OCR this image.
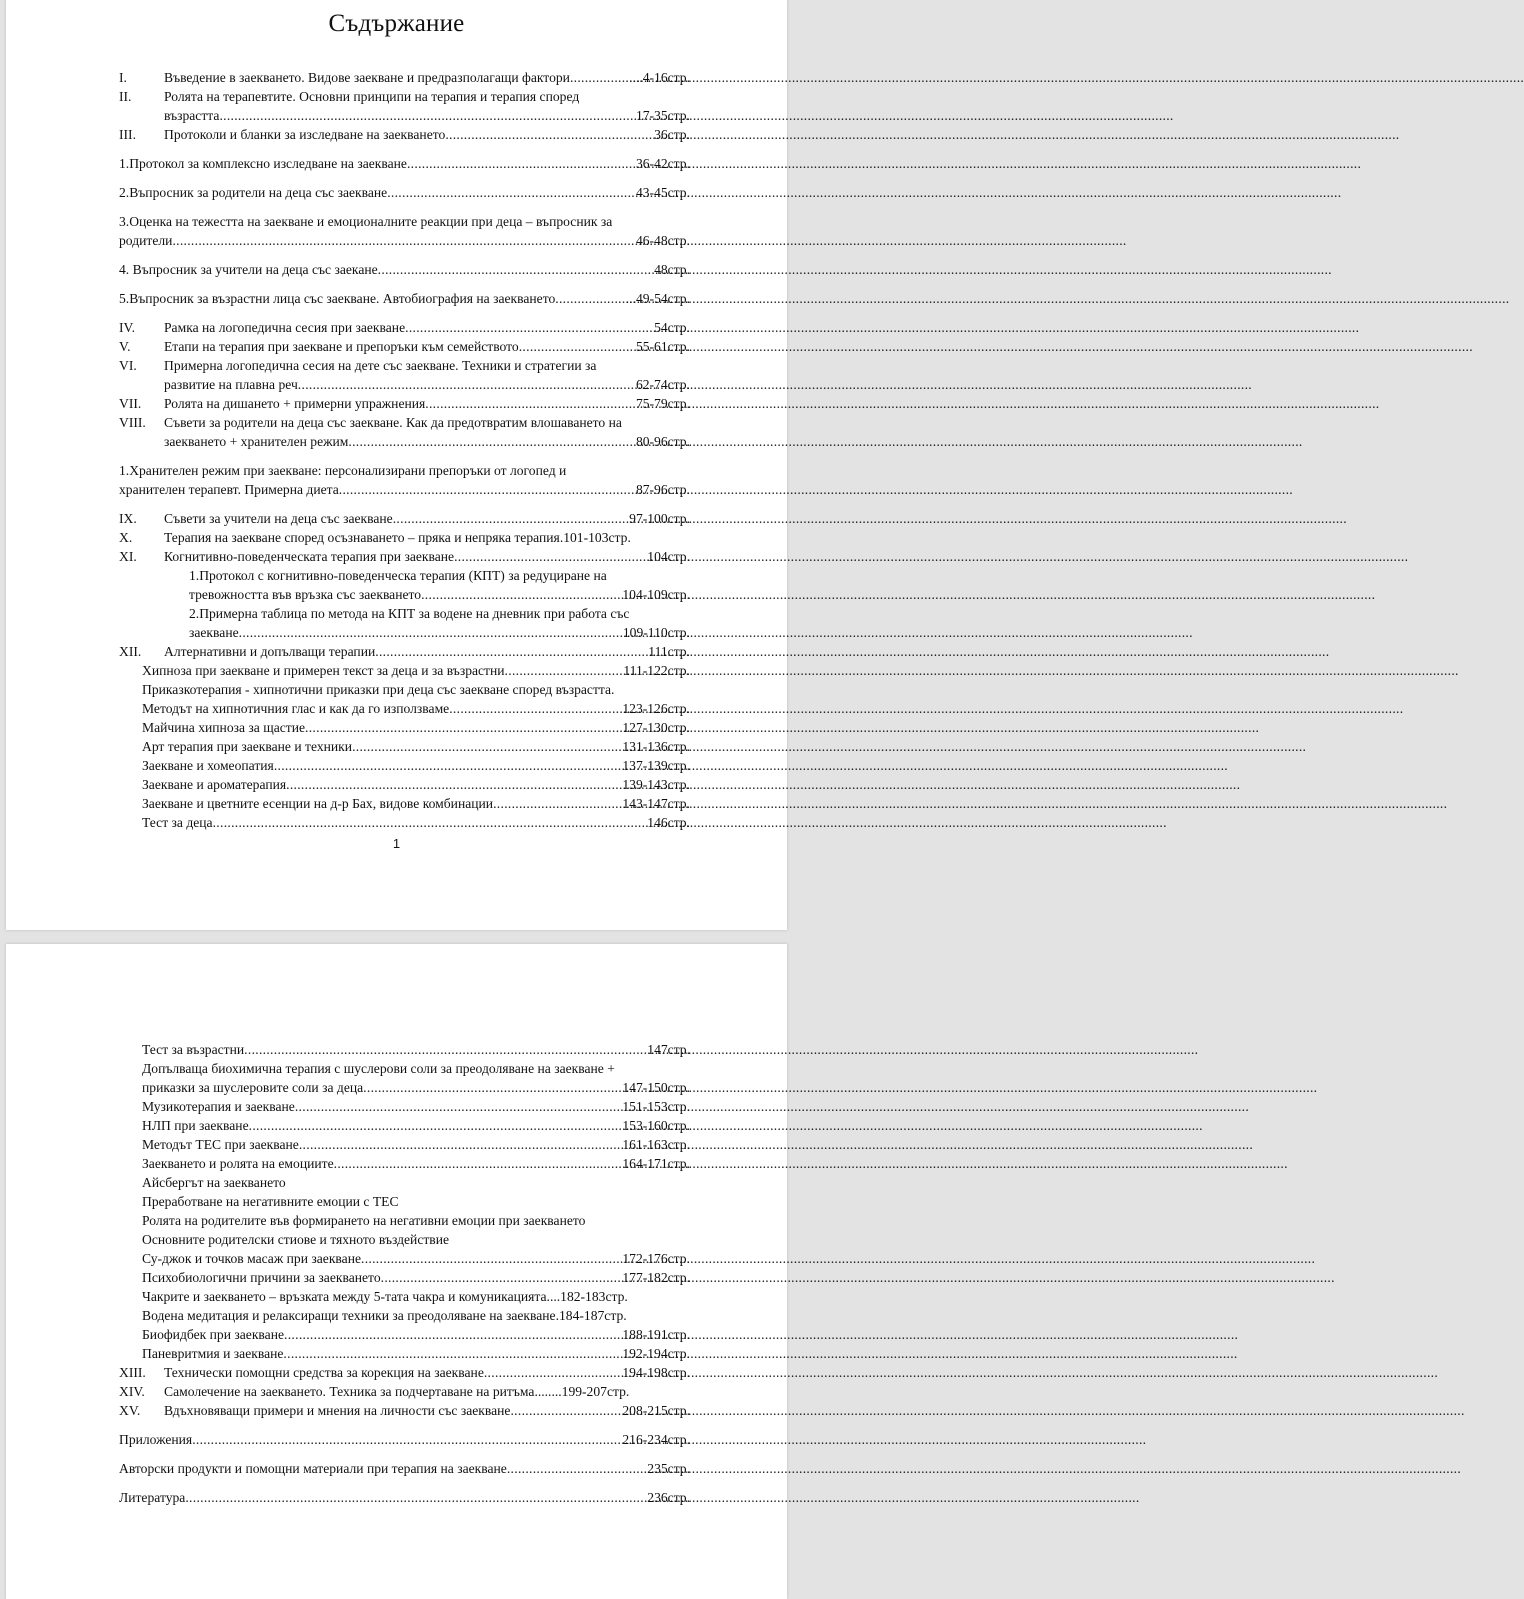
Съдържание
I.	Въведение в заекването. Видове заекване и предразполагащи фактори .....	....4-16стр.
II. Ролята на терапевтите. Основни принципи на терапия и терапия според
възрастта .....	17-35стр.
III. Протоколи и бланки за изследване на заекването .....	36стр.
1.Протокол за комплексно изследване на заекване .....	36-42стр.
2.Въпросник за родители на деца със заекване .....	43-45стр.
3.Оценка на тежестта на заекване и емоционалните реакции при деца – въпросник за
родители .....	46-48стр.
4. Въпросник за учители на деца със заекане .....	48стр.
5.Въпросник за възрастни лица със заекване. Автобиография на заекването .....	...49-54стр.
IV. Рамка на логопедична сесия при заекване .....	54стр.
V. Етапи на терапия при заекване и препоръки към семейството .....	55-61стр.
VI. Примерна логопедична сесия на дете със заекване. Техники и стратегии за
развитие на плавна реч .....	62-74стр.
VII. Ролята на дишането + примерни упражнения .....	75-79стр.
VIII. Съвети за родители на деца със заекване. Как да предотвратим влошаването на
заекването + хранителен режим .....	80-96стр.
1.Хранителен режим при заекване: персонализирани препоръки от логопед и
хранителен терапевт. Примерна диета .....	87-96стр.
IX. Съвети за учители на деца със заекване .....	97-100стр.
X. Терапия на заекване според осъзнаването – пряка и непряка терапия .101-103стр.
XI. Когнитивно-поведенческата терапия при заекване .....	104стр.
1.Протокол с когнитивно-поведенческа терапия (КПТ) за редуциране на
тревожността във връзка със заекването .....	104-109стр.
2.Примерна таблица по метода на КПТ за водене на дневник при работа със
заекване .....	109-110стр.
XII. Алтернативни и допълващи терапии .....	111стр.
Хипноза при заекване и примерен текст за деца и за възрастни .....	111-122стр.
Приказкотерапия - хипнотични приказки при деца със заекване според възрастта.
Методът на хипнотичния глас и как да го използваме .....	123-126стр.
Майчина хипноза за щастие .....	127-130стр.
Арт терапия при заекване и техники .....	131-136стр.
Заекване и хомеопатия .....	137-139стр.
Заекване и ароматерапия .....	139-143стр.
Заекване и цветните есенции на д-р Бах, видове комбинации .....	143-147стр.
Тест за деца .....	146стр.
1
Тест за възрастни .....	147стр.
Допълваща биохимична терапия с шуслерови соли за преодоляване на заекване +
приказки за шуслеровите соли за деца .....	147-150стр.
Музикотерапия и заекване .....	151-153стр.
НЛП при заекване .....	153-160стр.
Методът ТЕС при заекване .....	161-163стр.
Заекването и ролята на емоциите .....	164-171стр.
Айсбергът на заекването
Преработване на негативните емоции с ТЕС
Ролята на родителите във формирането на негативни емоции при заекването
Основните родителски стиове и тяхното въздействие
Су-джок и точков масаж при заекване .....	172-176стр.
Психобиологични причини за заекването .....	177-182стр.
Чакрите и заекването – връзката между 5-тата чакра и комуникацията ....182-183стр.
Водена медитация и релаксиращи техники за преодоляване на заекване .184-187стр.
Биофидбек при заекване .....	188-191стр.
Паневритмия и заекване .....	192-194стр.
XIII. Технически помощни средства за корекция на заекване .....	194-198стр.
XIV. Самолечение на заекването. Техника за подчертаване на ритъма ........199-207стр.
XV. Вдъхновяващи примери и мнения на личности със заекване .....	208-215стр.
Приложения .....	216-234стр.
Авторски продукти и помощни материали при терапия на заекване .....	235стр.
Литература .....	236стр.
